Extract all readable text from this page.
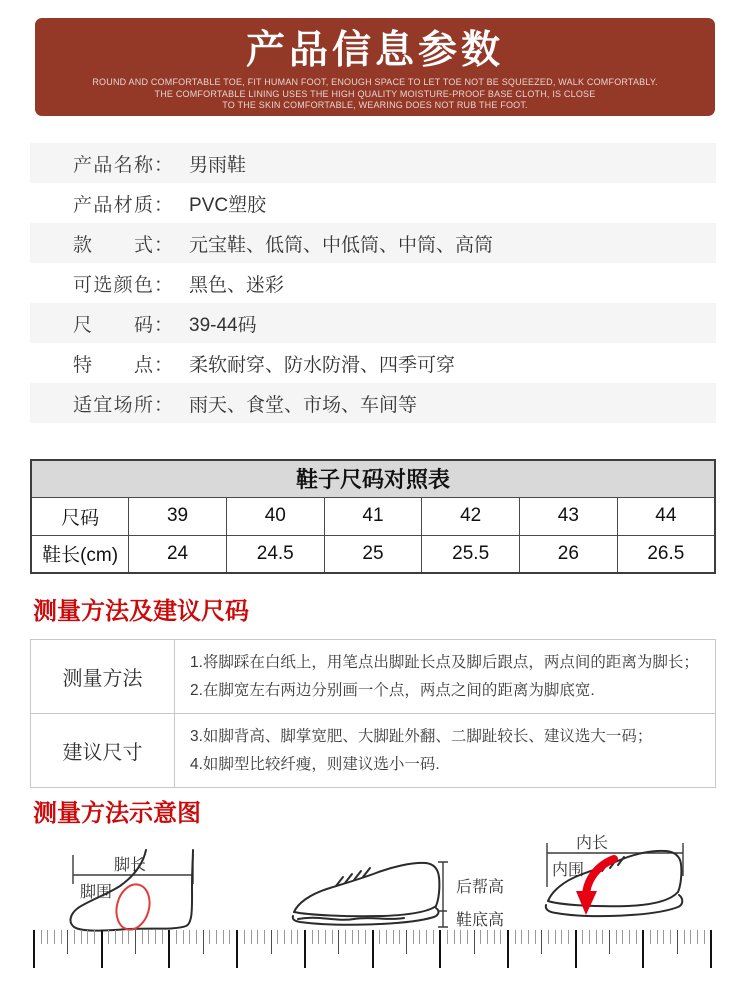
产品信息参数
ROUND AND COMFORTABLE TOE, FIT HUMAN FOOT, ENOUGH SPACE TO LET TOE NOT BE SQUEEZED, WALK COMFORTABLY.
THE COMFORTABLE LINING USES THE HIGH QUALITY MOISTURE-PROOF BASE CLOTH, IS CLOSE
TO THE SKIN COMFORTABLE, WEARING DOES NOT RUB THE FOOT.
产品名称： 男雨鞋
产品材质： PVC塑胶
款式： 元宝鞋、低筒、中低筒、中筒、高筒
可选颜色： 黑色、迷彩
尺码： 39-44码
特点： 柔软耐穿、防水防滑、四季可穿
适宜场所： 雨天、食堂、市场、车间等
鞋子尺码对照表						
尺码	39	40	41	42	43	44
鞋长(cm)	24	24.5	25	25.5	26	26.5
测量方法及建议尺码
测量方法	1.将脚踩在白纸上，用笔点出脚趾长点及脚后跟点，两点间的距离为脚长；
2.在脚宽左右两边分别画一个点，两点之间的距离为脚底宽.

建议尺寸	3.如脚背高、脚掌宽肥、大脚趾外翻、二脚趾较长、建议选大一码；
4.如脚型比较纤瘦，则建议选小一码.
测量方法示意图
脚长
脚围	后帮高
鞋底高
内长
内围
